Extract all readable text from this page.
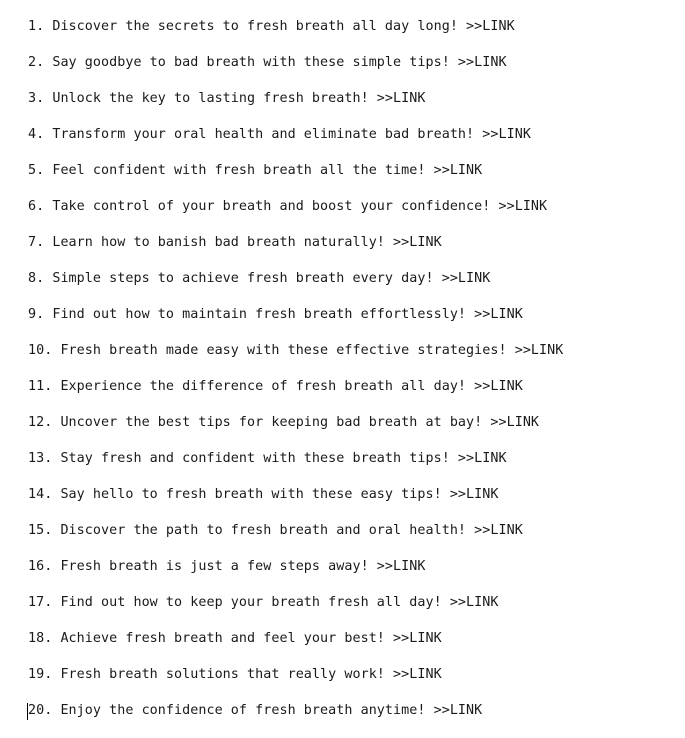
1. Discover the secrets to fresh breath all day long! >>LINK
2. Say goodbye to bad breath with these simple tips! >>LINK
3. Unlock the key to lasting fresh breath! >>LINK
4. Transform your oral health and eliminate bad breath! >>LINK
5. Feel confident with fresh breath all the time! >>LINK
6. Take control of your breath and boost your confidence! >>LINK
7. Learn how to banish bad breath naturally! >>LINK
8. Simple steps to achieve fresh breath every day! >>LINK
9. Find out how to maintain fresh breath effortlessly! >>LINK
10. Fresh breath made easy with these effective strategies! >>LINK
11. Experience the difference of fresh breath all day! >>LINK
12. Uncover the best tips for keeping bad breath at bay! >>LINK
13. Stay fresh and confident with these breath tips! >>LINK
14. Say hello to fresh breath with these easy tips! >>LINK
15. Discover the path to fresh breath and oral health! >>LINK
16. Fresh breath is just a few steps away! >>LINK
17. Find out how to keep your breath fresh all day! >>LINK
18. Achieve fresh breath and feel your best! >>LINK
19. Fresh breath solutions that really work! >>LINK
20. Enjoy the confidence of fresh breath anytime! >>LINK
